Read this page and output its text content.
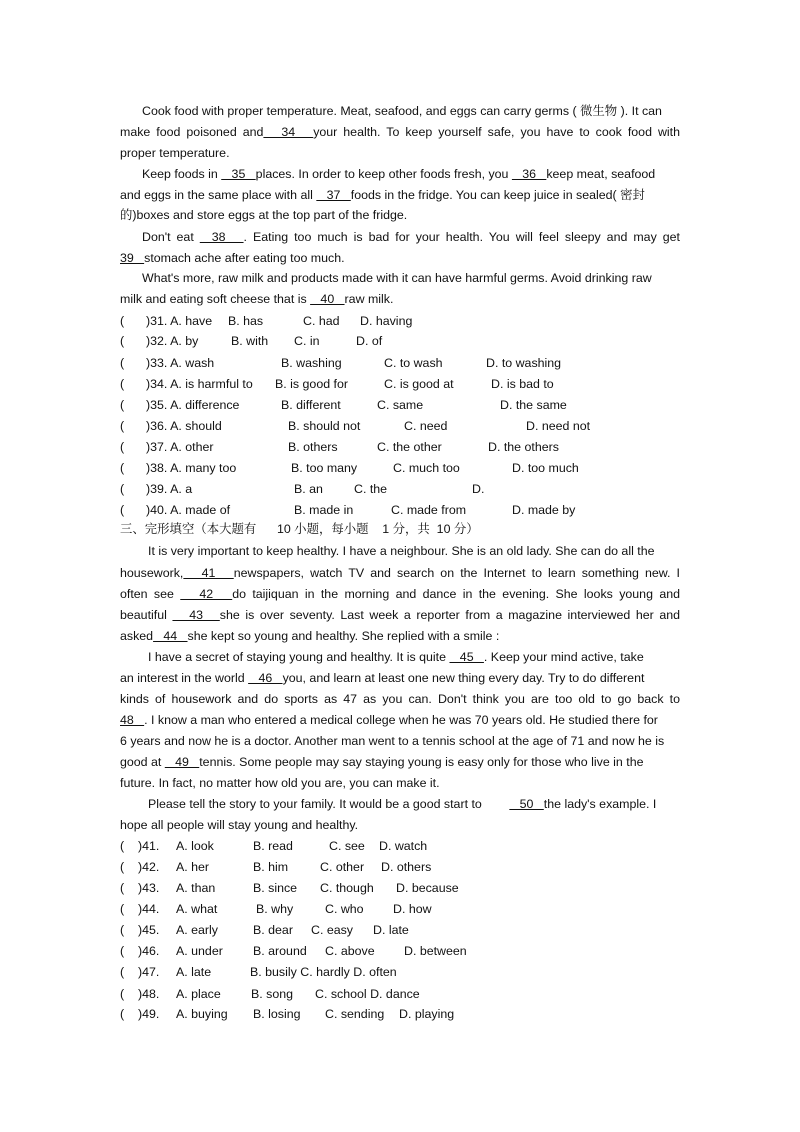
Cook food with proper temperature. Meat, seafood, and eggs can carry germs ( 微生物 ). It can
make food poisoned and   34   your health. To keep yourself safe, you have to cook food with
proper temperature.
Keep foods in    35   places. In order to keep other foods fresh, you    36   keep meat, seafood
and eggs in the same place with all    37   foods in the fridge. You can keep juice in sealed( 密封
的)boxes and store eggs at the top part of the fridge.
Don't eat   38   . Eating too much is bad for your health. You will feel sleepy and may get
39   stomach ache after eating too much.
What's more, raw milk and products made with it can have harmful germs. Avoid drinking raw
milk and eating soft cheese that is    40   raw milk.
( )31. A. have B. has	C. had D. having
( )32. A. by	B. with C. in	D. of
( )33. A. wash	B. washing	C. to wash	D. to washing
( )34. A. is harmful to B. is good for	C. is good at	D. is bad to
( )35. A. difference	B. different	C. same	D. the same
( )36. A. should	B. should not	C. need	D. need not
( )37. A. other	B. others	C. the other	D. the others
( )38. A. many too	B. too many	C. much too	D. too much
( )39. A. a	B. an	C. the	D.
( )40. A. made of	B. made in	C. made from	D. made by
三、完形填空（本大题有      10 小题，每小题    1 分，共  10 分）
It is very important to keep healthy. I have a neighbour. She is an old lady. She can do all the
housework,   41   newspapers, watch TV and search on the Internet to learn something new. I
often see    42   do taijiquan in the morning and dance in the evening. She looks young and
beautiful    43   she is over seventy. Last week a reporter from a magazine interviewed her and
asked   44   she kept so young and healthy. She replied with a smile :
I have a secret of staying young and healthy. It is quite    45   . Keep your mind active, take
an interest in the world    46   you, and learn at least one new thing every day. Try to do different
kinds of housework and do sports as 47 as you can. Don't think you are too old to go back to
48   . I know a man who entered a medical college when he was 70 years old. He studied there for
6 years and now he is a doctor. Another man went to a tennis school at the age of 71 and now he is
good at    49   tennis. Some people may say staying young is easy only for those who live in the
future. In fact, no matter how old you are, you can make it.
Please tell the story to your family. It would be a good start to           50   the lady's example. I
hope all people will stay young and healthy.
( )41. A. look	B. read	C. see D. watch
( )42. A. her	B. him	C. other D. others
( )43. A. than	B. since C. though D. because
( )44. A. what	B. why	C. who D. how
( )45. A. early	B. dear C. easy D. late
( )46. A. under B. around C. above D. between
( )47. A. late	B. busily C. hardly D. often
( )48. A. place B. song C. school D. dance
( )49. A. buying B. losing C. sending D. playing
